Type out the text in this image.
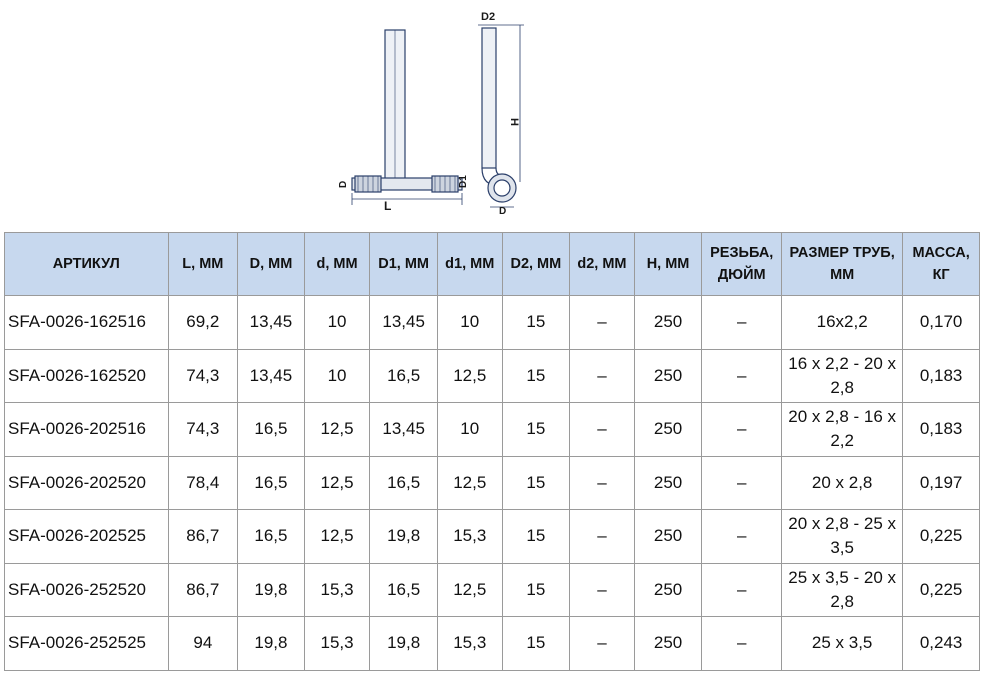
L
D	D1
D2
H
D
АРТИКУЛ	L, ММ	D, ММ	d, ММ	D1, ММ	d1, ММ	D2, ММ	d2, ММ	H, ММ	РЕЗЬБА, ДЮЙМ	РАЗМЕР ТРУБ, ММ	МАССА, КГ
SFA-0026-162516	69,2	13,45	10	13,45	10	15	–	250	–	16х2,2	0,170
SFA-0026-162520	74,3	13,45	10	16,5	12,5	15	–	250	–	16 х 2,2 - 20 х 2,8	0,183
SFA-0026-202516	74,3	16,5	12,5	13,45	10	15	–	250	–	20 х 2,8 - 16 х 2,2	0,183
SFA-0026-202520	78,4	16,5	12,5	16,5	12,5	15	–	250	–	20 х 2,8	0,197
SFA-0026-202525	86,7	16,5	12,5	19,8	15,3	15	–	250	–	20 х 2,8 - 25 х 3,5	0,225
SFA-0026-252520	86,7	19,8	15,3	16,5	12,5	15	–	250	–	25 х 3,5 - 20 х 2,8	0,225
SFA-0026-252525	94	19,8	15,3	19,8	15,3	15	–	250	–	25 х 3,5	0,243
